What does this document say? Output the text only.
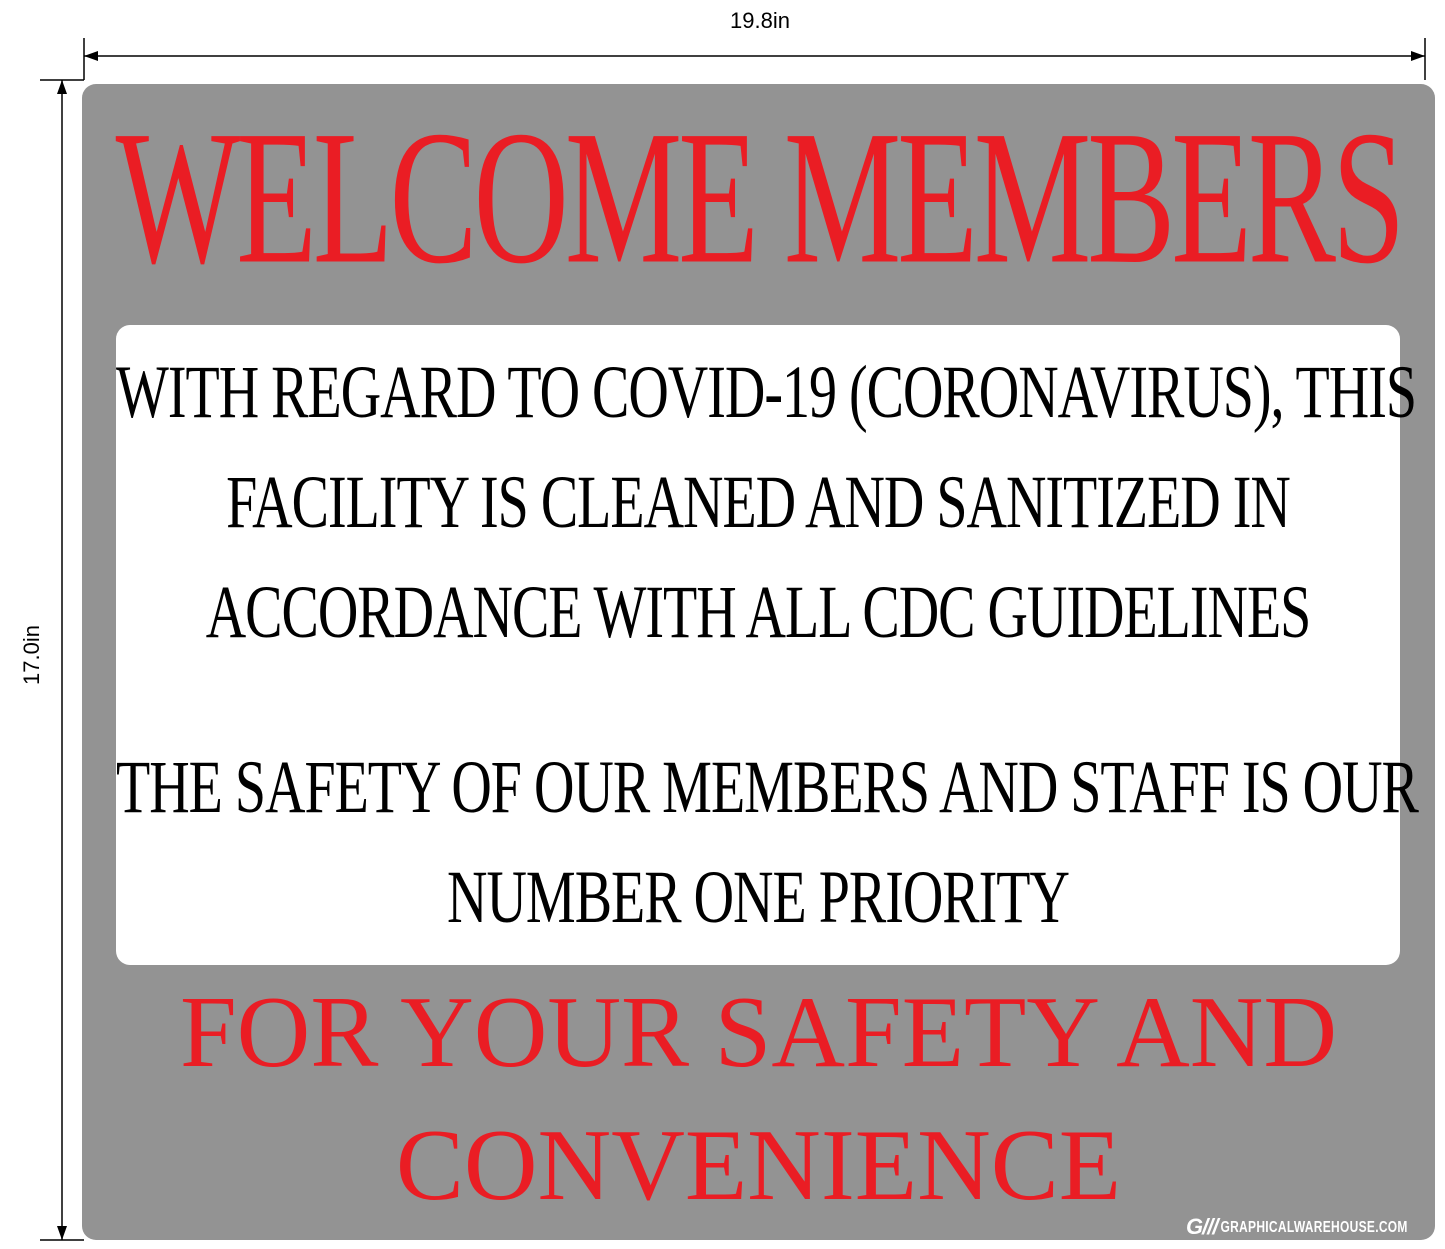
19.8in
17.0in
WELCOME MEMBERS
WITH REGARD TO COVID-19 (CORONAVIRUS), THIS
FACILITY IS CLEANED AND SANITIZED IN
ACCORDANCE WITH ALL CDC GUIDELINES
THE SAFETY OF OUR MEMBERS AND STAFF IS OUR
NUMBER ONE PRIORITY
FOR YOUR SAFETY AND
CONVENIENCE
G/// GRAPHICALWAREHOUSE.COM
